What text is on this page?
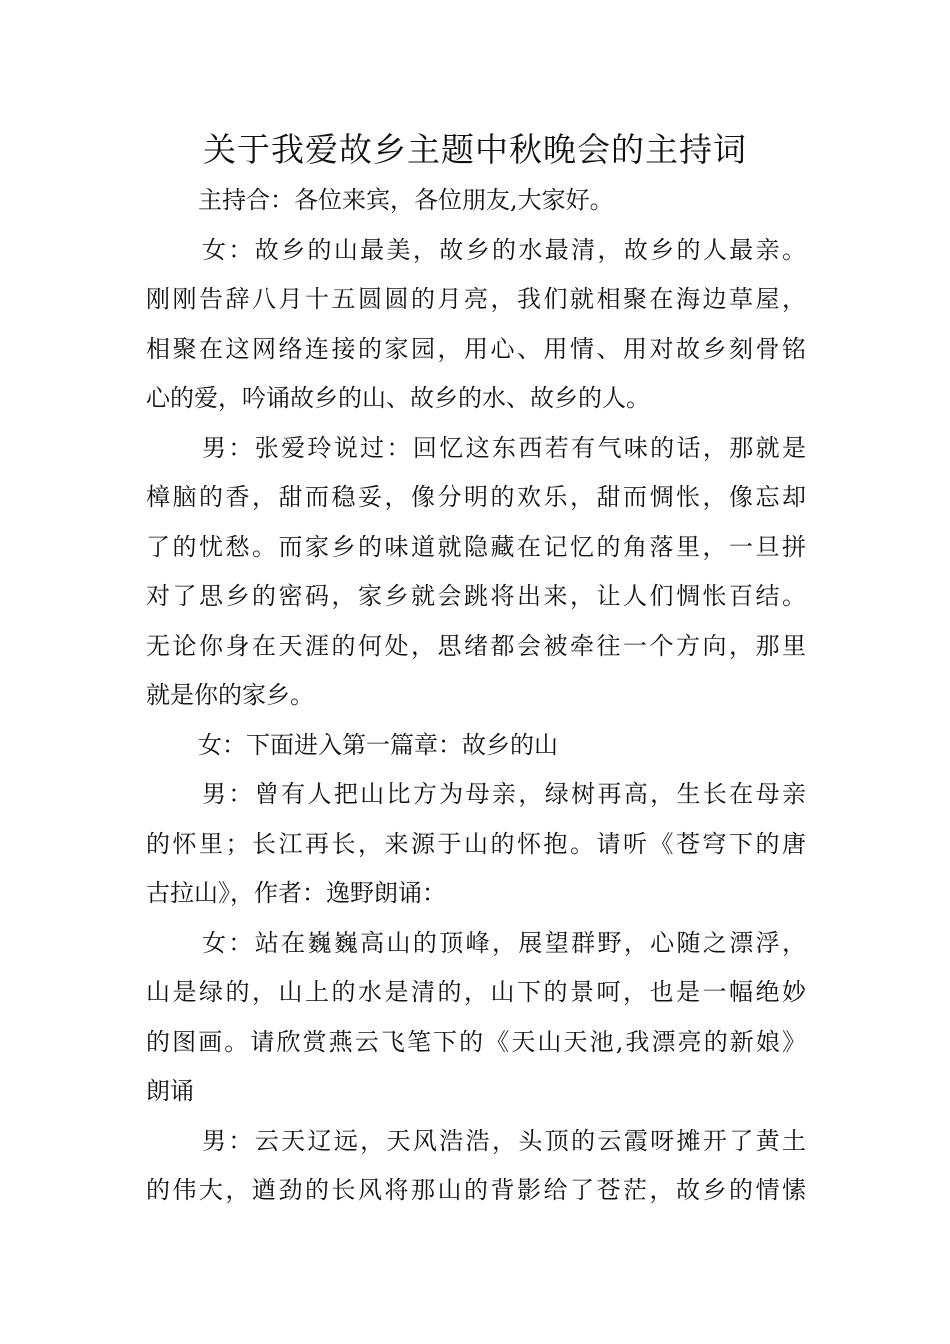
关于我爱故乡主题中秋晚会的主持词

主持合：各位来宾，各位朋友,大家好。

女：故乡的山最美，故乡的水最清，故乡的人最亲。
刚刚告辞八月十五圆圆的月亮，我们就相聚在海边草屋，
相聚在这网络连接的家园，用心、用情、用对故乡刻骨铭
心的爱，吟诵故乡的山、故乡的水、故乡的人。

男：张爱玲说过：回忆这东西若有气味的话，那就是
樟脑的香，甜而稳妥，像分明的欢乐，甜而惆怅，像忘却
了的忧愁。而家乡的味道就隐藏在记忆的角落里，一旦拼
对了思乡的密码，家乡就会跳将出来，让人们惆怅百结。
无论你身在天涯的何处，思绪都会被牵往一个方向，那里
就是你的家乡。

女：下面进入第一篇章：故乡的山

男：曾有人把山比方为母亲，绿树再高，生长在母亲
的怀里；长江再长，来源于山的怀抱。请听《苍穹下的唐
古拉山》，作者：逸野朗诵：

女：站在巍巍高山的顶峰，展望群野，心随之漂浮，
山是绿的，山上的水是清的，山下的景呵，也是一幅绝妙
的图画。请欣赏燕云飞笔下的《天山天池,我漂亮的新娘》
朗诵

男：云天辽远，天风浩浩，头顶的云霞呀摊开了黄土
的伟大，遒劲的长风将那山的背影给了苍茫，故乡的情愫
